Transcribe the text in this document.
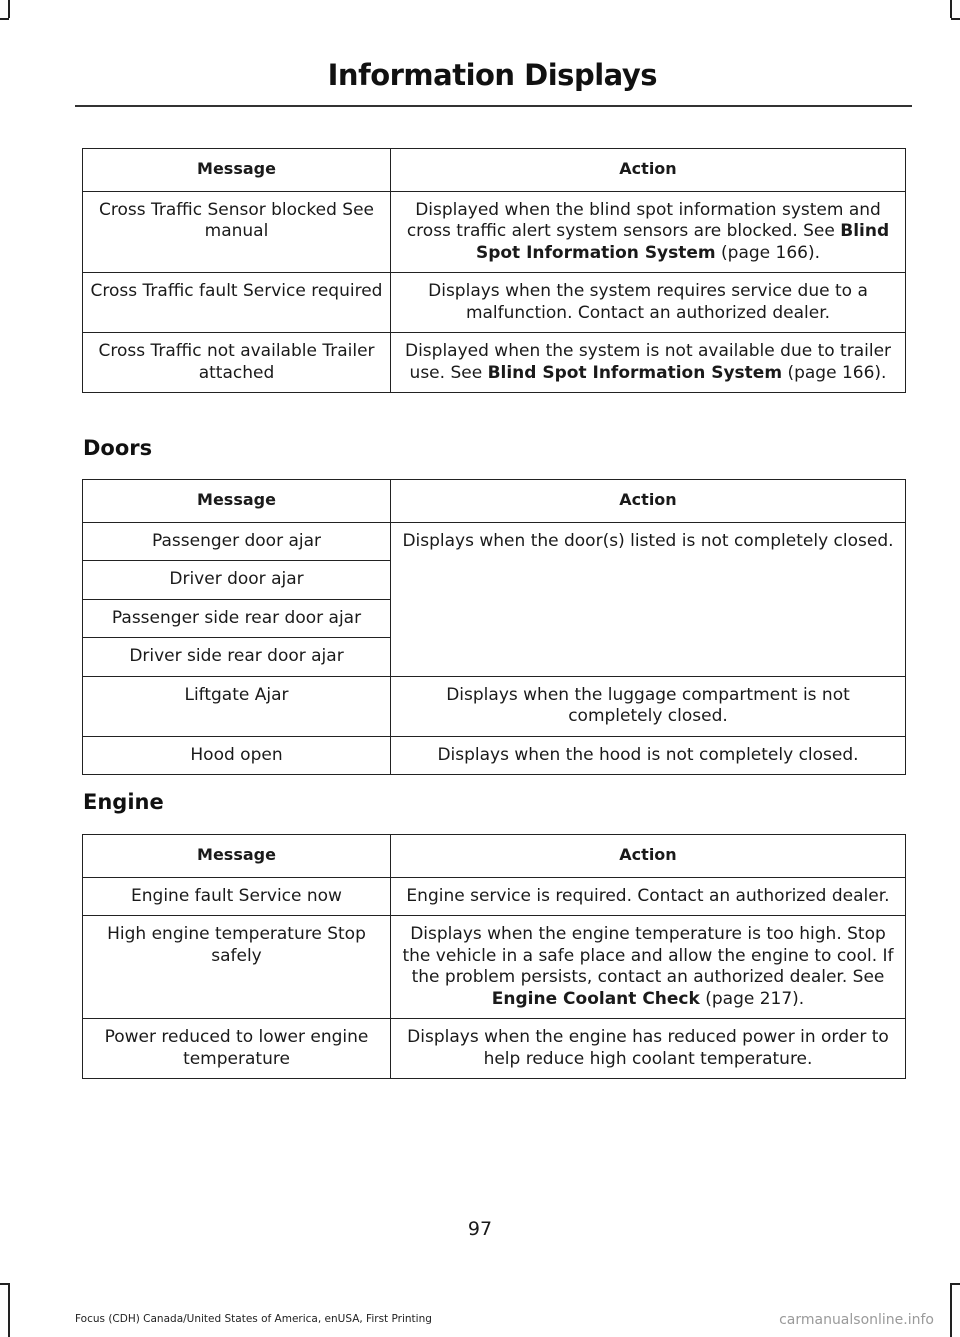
Information Displays
Message	Action
Cross Traffic Sensor blocked See manual	Displayed when the blind spot information system and cross traffic alert system sensors are blocked. See Blind Spot Information System (page 166).
Cross Traffic fault Service required	Displays when the system requires service due to a malfunction. Contact an authorized dealer.
Cross Traffic not available Trailer attached	Displayed when the system is not available due to trailer use. See Blind Spot Information System (page 166).
Doors
Message	Action
Passenger door ajar	Displays when the door(s) listed is not completely closed.
Driver door ajar	
Passenger side rear door ajar	
Driver side rear door ajar	
Liftgate Ajar	Displays when the luggage compartment is not completely closed.
Hood open	Displays when the hood is not completely closed.
Engine
Message	Action
Engine fault Service now	Engine service is required. Contact an authorized dealer.
High engine temperature Stop safely	Displays when the engine temperature is too high. Stop the vehicle in a safe place and allow the engine to cool. If the problem persists, contact an authorized dealer. See Engine Coolant Check (page 217).
Power reduced to lower engine temperature	Displays when the engine has reduced power in order to help reduce high coolant temperature.
97
Focus (CDH) Canada/United States of America, enUSA, First Printing	carmanualsonline.info
